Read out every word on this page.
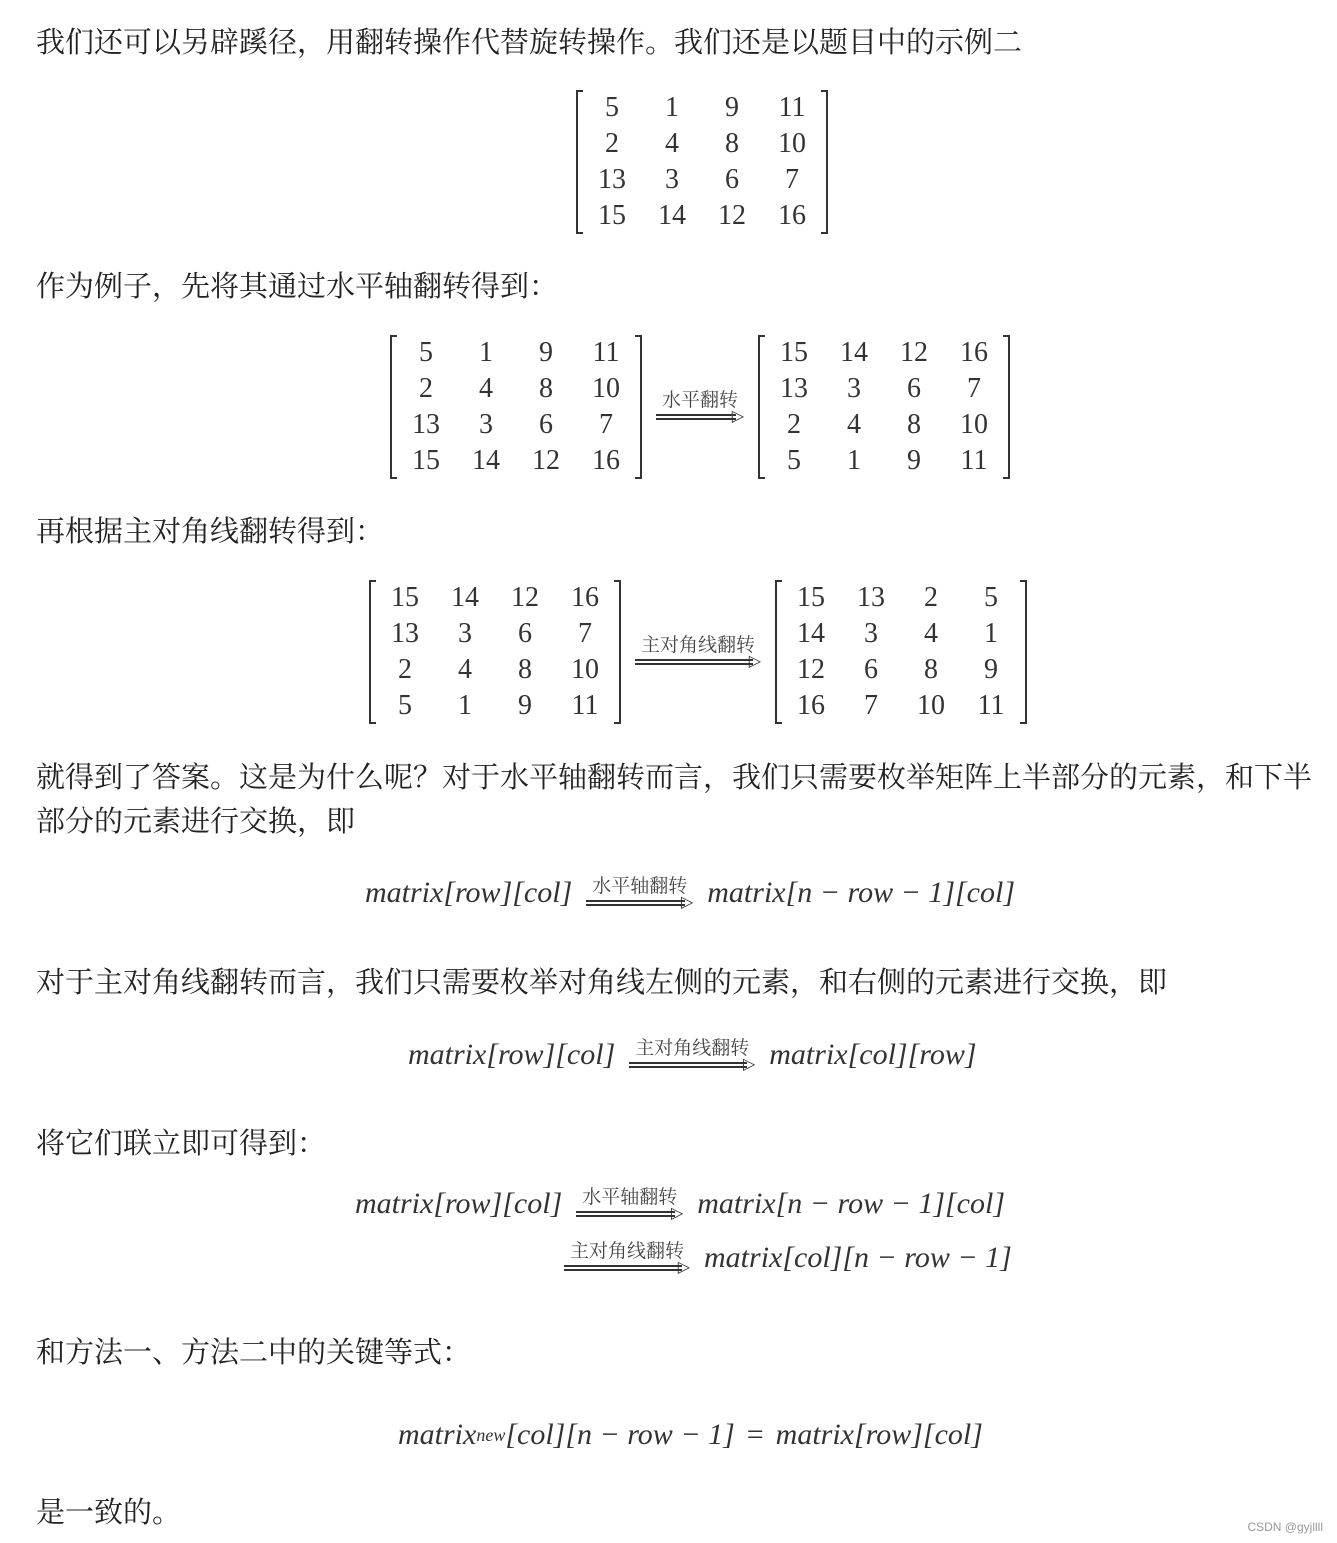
我们还可以另辟蹊径，用翻转操作代替旋转操作。我们还是以题目中的示例二

5	1	9	11
2	4	8	10
13	3	6	7
15	14	12	16

作为例子，先将其通过水平轴翻转得到：

5	1	9	11
2	4	8	10
13	3	6	7
15	14	12	16
水平翻转
▷
15	14	12	16
13	3	6	7
2	4	8	10
5	1	9	11

再根据主对角线翻转得到：

15	14	12	16
13	3	6	7
2	4	8	10
5	1	9	11
主对角线翻转
▷
15	13	2	5
14	3	4	1
12	6	8	9
16	7	10	11

就得到了答案。这是为什么呢？对于水平轴翻转而言，我们只需要枚举矩阵上半部分的元素，和下半部分的元素进行交换，即

matrix[row][col]	水平轴翻转
▷ matrix[n − row − 1][col]

对于主对角线翻转而言，我们只需要枚举对角线左侧的元素，和右侧的元素进行交换，即

matrix[row][col]	主对角线翻转
▷ matrix[col][row]

将它们联立即可得到：

matrix[row][col]	水平轴翻转
▷ matrix[n − row − 1][col]
主对角线翻转
▷ matrix[col][n − row − 1]

和方法一、方法二中的关键等式：

matrix new [col][n − row − 1] = matrix[row][col]

是一致的。	CSDN @gyjllll
